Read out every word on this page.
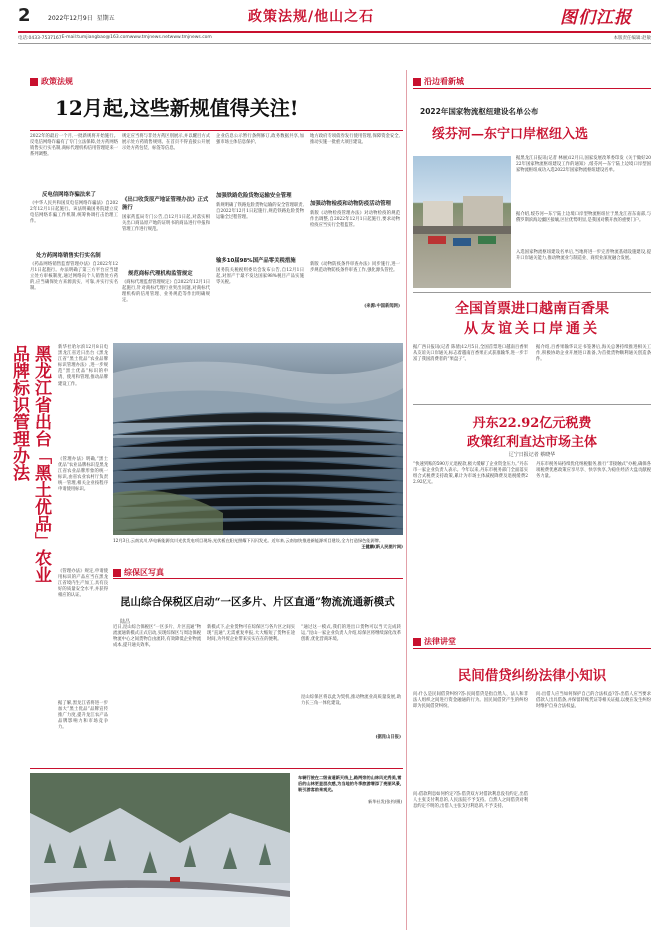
2	2022年12月9日 星期五	政策法规/他山之石	图们江报
电话:0433-7537167 E-mail:tumjiangbao@163.com www.tmjnews.net www.tmjnews.com	本版责任编辑:赵敏
政策法规
12月起,这些新规值得关注!
2022年的最后一个月,一批新规将开始施行。反电信网络诈骗有了专门立法保障,处方药网络销售实行实名制,商标代理机构信用管理迎来一系列调整。
反电信网络诈骗法来了
《中华人民共和国反电信网络诈骗法》自2022年12月1日起施行。该法明确国务院建立反电信网络诈骗工作机制,统筹协调打击治理工作。
处方药网络销售实行实名制
《药品网络销售监督管理办法》自2022年12月1日起施行。办法明确了第三方平台应当建立处方审核制度,通过网络向个人销售处方药的,应当确保处方来源真实、可靠,并实行实名制。
规定应当将与非处方药区别展示,并以醒目方式展示处方药销售规则。在首页不得直接公开展示处方药包装、标签等信息。
《出口收货原产地证管理办法》正式施行
国家药监局专门公告,自12月1日起,对落实相关出口商品原产地的证明书的商品进行申报和管理工作进行规范。
规范商标代理机构监管规定
《商标代理监督管理规定》自2022年12月1日起施行,针对商标代理行业突出问题,对商标代理机构的信用管理、业务规范等作出明确规定。
企业信息公示暂行条例修订,政务数据共享,加强市场主体信息保护。
加强铁路危险货物运输安全管理
新规明确了铁路危险货物运输的安全管理职责,自2022年12月1日起施行,规范铁路危险货物运输全过程管理。
输多10届98%国产品零关税措施
国务院关税税则委员会发布公告,自12月1日起,对原产于最不发达国家98%税目产品实施零关税。
地方政府专项债券发行使用管理,保障资金安全,推动实施一批重大项目建设。
加强动物检疫和动物防疫活动管理
新版《动物检疫管理办法》对动物检疫的规范作出调整,自2022年12月1日起施行,要求动物检疫应当实行全程监管。
新版《动物防疫条件审查办法》同步施行,进一步规范动物防疫条件审查工作,强化源头管控。
(来源:中国新闻网)
黑龙江省出台「黑土优品」农业品牌标识管理办法	新华社哈尔滨12月8日电 黑龙江省近日出台《黑龙江省“黑土优品”农业品牌标识管理办法》,进一步规范“黑土优品”标识的申请、使用和管理,推动品牌建设工作。
《管理办法》明确,“黑土优品”农业品牌标识是黑龙江省农业品牌形象的统一标识,由省农业农村厅负责统一管理,相关企业按程序申请使用标识。
《管理办法》规定,申请使用标识的产品应当在黑龙江省境内生产加工,具有良好的质量安全水平,并获得相应的认证。
据了解,黑龙江省将进一步加大“黑土优品”品牌宣传推广力度,提升龙江农产品品牌影响力和市场竞争力。
12月3日,云南宾川,华电新能源宾川光伏发电项目现场,光伏板在阳光照耀下闪闪发光。近年来,云南加快推进新能源项目建设,全力打造绿色能源牌。
王健鹏(新人民图片网)
综保区写真
昆山综合保税区启动“一区多片、片区直通”物流流通新模式
陆昌
近日,昆山综合保税区“一区多片、片区直通”物流流通新模式正式启动,实现综保区与周边保税物流中心之间货物自由流转,有效降低企业物流成本,提升通关效率。
新模式下,企业货物可在综保区与各片区之间实现“直通”,无需重复申报,大大缩短了货物在途时间,为外贸企业带来实实在在的便利。
“通过这一模式,我们的进出口货物可以当天完成转运,”昆山一家企业负责人介绍,综保区将继续深化改革创新,优化营商环境。
昆山综保区将以此为契机,推动物流业高质量发展,助力长三角一体化建设。
(据昆山日报)
车辆行驶在二级省道新天线上,路两旁的山林风光秀美,雪后的山林更显层次感,为当地的冬季旅游增添了亮丽风景,吸引游客前来观光。
新华社发(张钧/摄)
沿边看新城
2022年国家物流枢纽建设名单公布
绥芬河—东宁口岸枢纽入选
据黑龙江日报讯(记者 林丽)12月日,国家发展改革委印发《关于做好2022年国家物流枢纽建设工作的通知》,绥芬河—东宁陆上边境口岸型国家物流枢纽成功入选2022年国家物流枢纽建设名单。
据介绍,绥芬河—东宁陆上边境口岸型物流枢纽位于黑龙江省东南部,与俄罗斯滨海边疆区接壤,区位优势明显,是我国对俄开放的重要门户。
入选国家物流枢纽建设名单后,当地将进一步完善物流基础设施建设,提升口岸通关能力,推动物流业与制造业、商贸业深度融合发展。
全国首票进口越南百香果
从友谊关口岸通关
据广西日报讯(记者 陈倩)12月5日,全国首票进口越南百香果从友谊关口岸通关,标志着越南百香果正式获准输华,进一步丰富了我国消费者的“果盘子”。
据介绍,百香果输华议定书签署后,海关总署持续推进相关工作,积极协助企业开展进口准备,为首批货物顺利通关创造条件。
丹东22.92亿元税费
政策红利直达市场主体
辽宁日报记者 蔡晓华
“快速到账的590万元退税款,极大缓解了企业资金压力。”丹东市一家企业负责人表示。今年以来,丹东市税务部门全面落实组合式税费支持政策,累计为市场主体减税降费及退税缓费22.92亿元。
丹东市税务局持续优化纳税服务,推行“非接触式”办税,确保各项税费优惠政策应享尽享、快享快享,为稳住经济大盘贡献税务力量。
法律讲堂
民间借贷纠纷法律小知识
问:什么是民间借贷纠纷?答:民间借贷是指自然人、法人和非法人组织之间进行资金融通的行为。因民间借贷产生的纠纷即为民间借贷纠纷。
问:借款利息如何约定?答:借贷双方对借款利息没有约定,出借人主张支付利息的,人民法院不予支持。自然人之间借贷对利息约定不明的,出借人主张支付利息的,不予支持。
问:出借人应当如何保护自己的合法权益?答:出借人应当要求借款人出具借条,并保留转账凭证等相关证据,以便在发生纠纷时维护自身合法权益。
